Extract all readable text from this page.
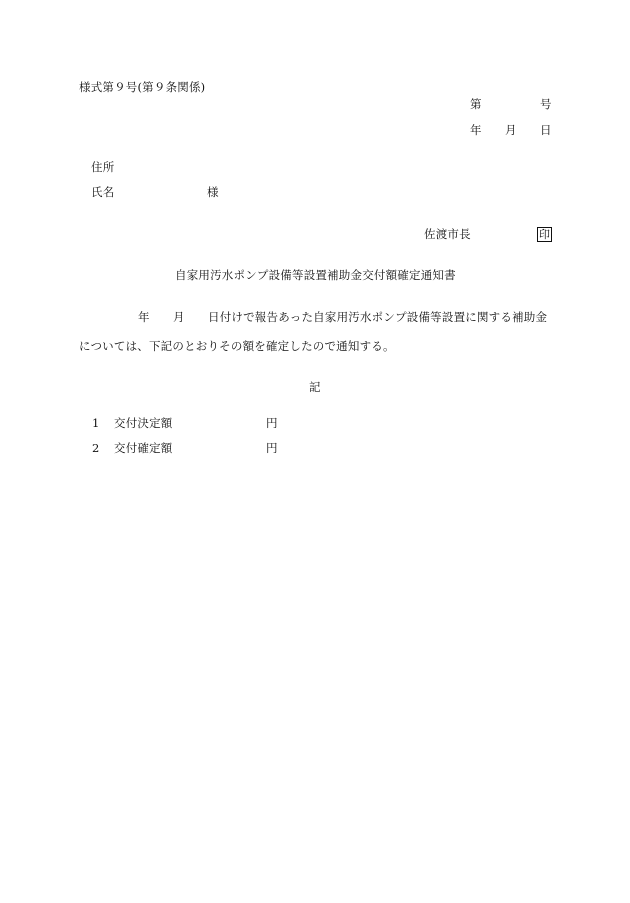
様式第９号(第９条関係)
第	号
年 月 日
住所
氏名	様
佐渡市長	印
自家用汚水ポンプ設備等設置補助金交付額確定通知書
年 月 日付けで報告あった自家用汚水ポンプ設備等設置に関する補助金
については、下記のとおりその額を確定したので通知する。
記
1 交付決定額	円
2 交付確定額	円
